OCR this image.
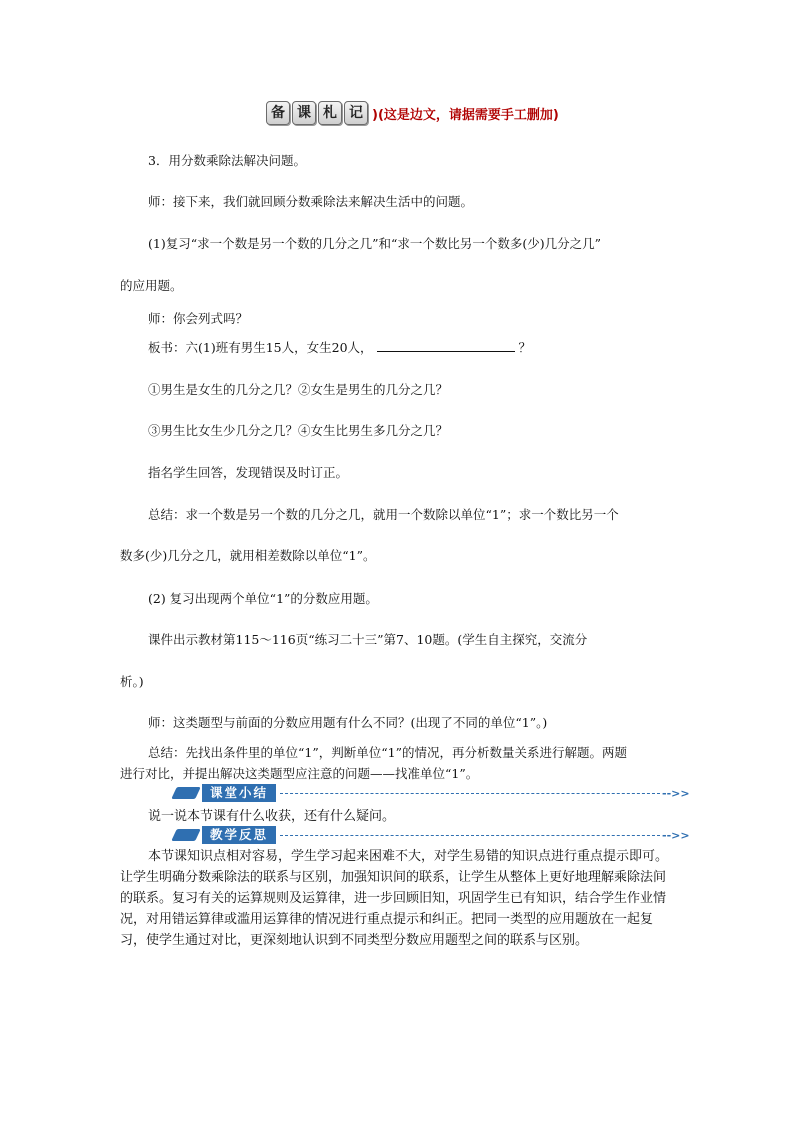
备 课 札 记 )(这是边文，请据需要手工删加)
3．用分数乘除法解决问题。
师：接下来，我们就回顾分数乘除法来解决生活中的问题。
(1)复习“求一个数是另一个数的几分之几”和“求一个数比另一个数多(少)几分之几”
的应用题。
师：你会列式吗？
板书：六(1)班有男生15人，女生20人，	？
①男生是女生的几分之几？②女生是男生的几分之几？
③男生比女生少几分之几？④女生比男生多几分之几？
指名学生回答，发现错误及时订正。
总结：求一个数是另一个数的几分之几，就用一个数除以单位“1”；求一个数比另一个
数多(少)几分之几，就用相差数除以单位“1”。
(2) 复习出现两个单位“1”的分数应用题。
课件出示教材第115～116页“练习二十三”第7、10题。(学生自主探究，交流分
析。)
师：这类题型与前面的分数应用题有什么不同？(出现了不同的单位“1”。)
总结：先找出条件里的单位“1”，判断单位“1”的情况，再分析数量关系进行解题。两题
进行对比，并提出解决这类题型应注意的问题——找准单位“1”。
课堂小结	-->>
说一说本节课有什么收获，还有什么疑问。
教学反思	-->>
本节课知识点相对容易，学生学习起来困难不大，对学生易错的知识点进行重点提示即可。让学生明确分数乘除法的联系与区别，加强知识间的联系，让学生从整体上更好地理解乘除法间的联系。复习有关的运算规则及运算律，进一步回顾旧知，巩固学生已有知识，结合学生作业情况，对用错运算律或滥用运算律的情况进行重点提示和纠正。把同一类型的应用题放在一起复习，使学生通过对比，更深刻地认识到不同类型分数应用题型之间的联系与区别。
